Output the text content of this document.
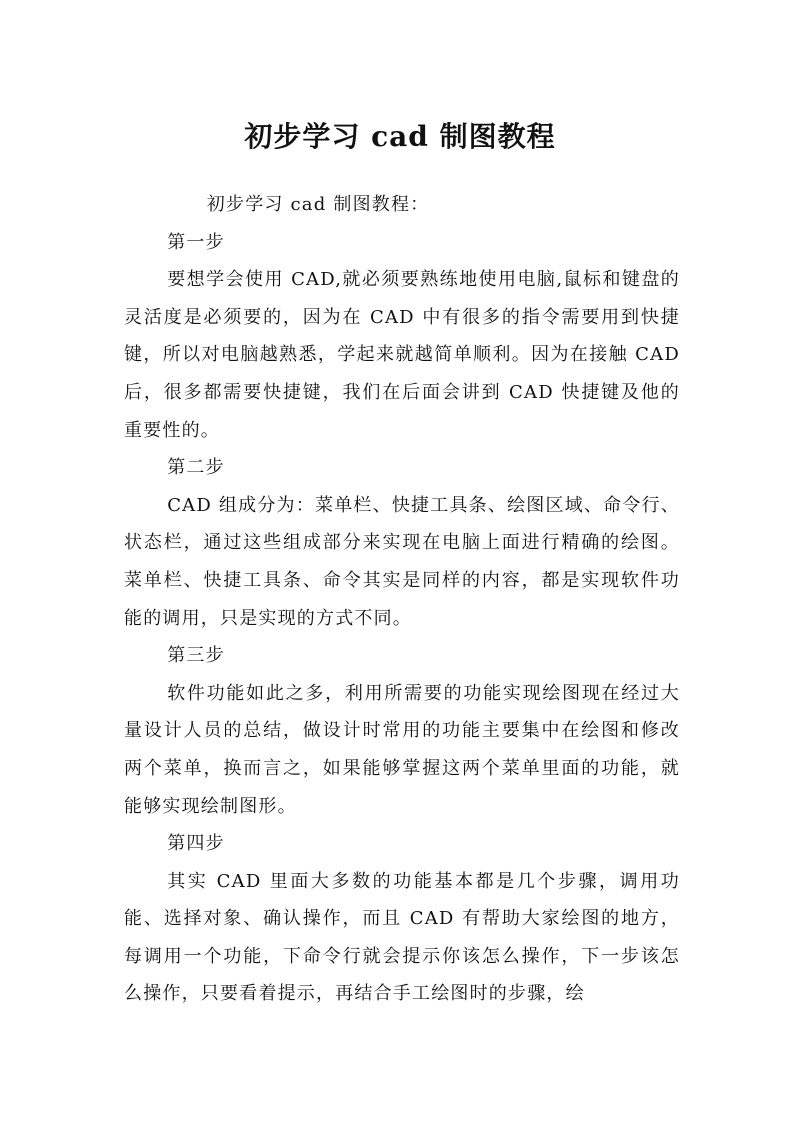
初步学习 cad 制图教程

初步学习 cad 制图教程：

第一步

要想学会使用 CAD,就必须要熟练地使用电脑,鼠标和键盘的灵活度是必须要的，因为在 CAD 中有很多的指令需要用到快捷键，所以对电脑越熟悉，学起来就越简单顺利。因为在接触 CAD 后，很多都需要快捷键，我们在后面会讲到 CAD 快捷键及他的重要性的。

第二步

CAD 组成分为：菜单栏、快捷工具条、绘图区域、命令行、状态栏，通过这些组成部分来实现在电脑上面进行精确的绘图。菜单栏、快捷工具条、命令其实是同样的内容，都是实现软件功能的调用，只是实现的方式不同。

第三步

软件功能如此之多，利用所需要的功能实现绘图现在经过大量设计人员的总结，做设计时常用的功能主要集中在绘图和修改两个菜单，换而言之，如果能够掌握这两个菜单里面的功能，就能够实现绘制图形。

第四步

其实 CAD 里面大多数的功能基本都是几个步骤，调用功能、选择对象、确认操作，而且 CAD 有帮助大家绘图的地方，每调用一个功能，下命令行就会提示你该怎么操作，下一步该怎么操作，只要看着提示，再结合手工绘图时的步骤，绘
